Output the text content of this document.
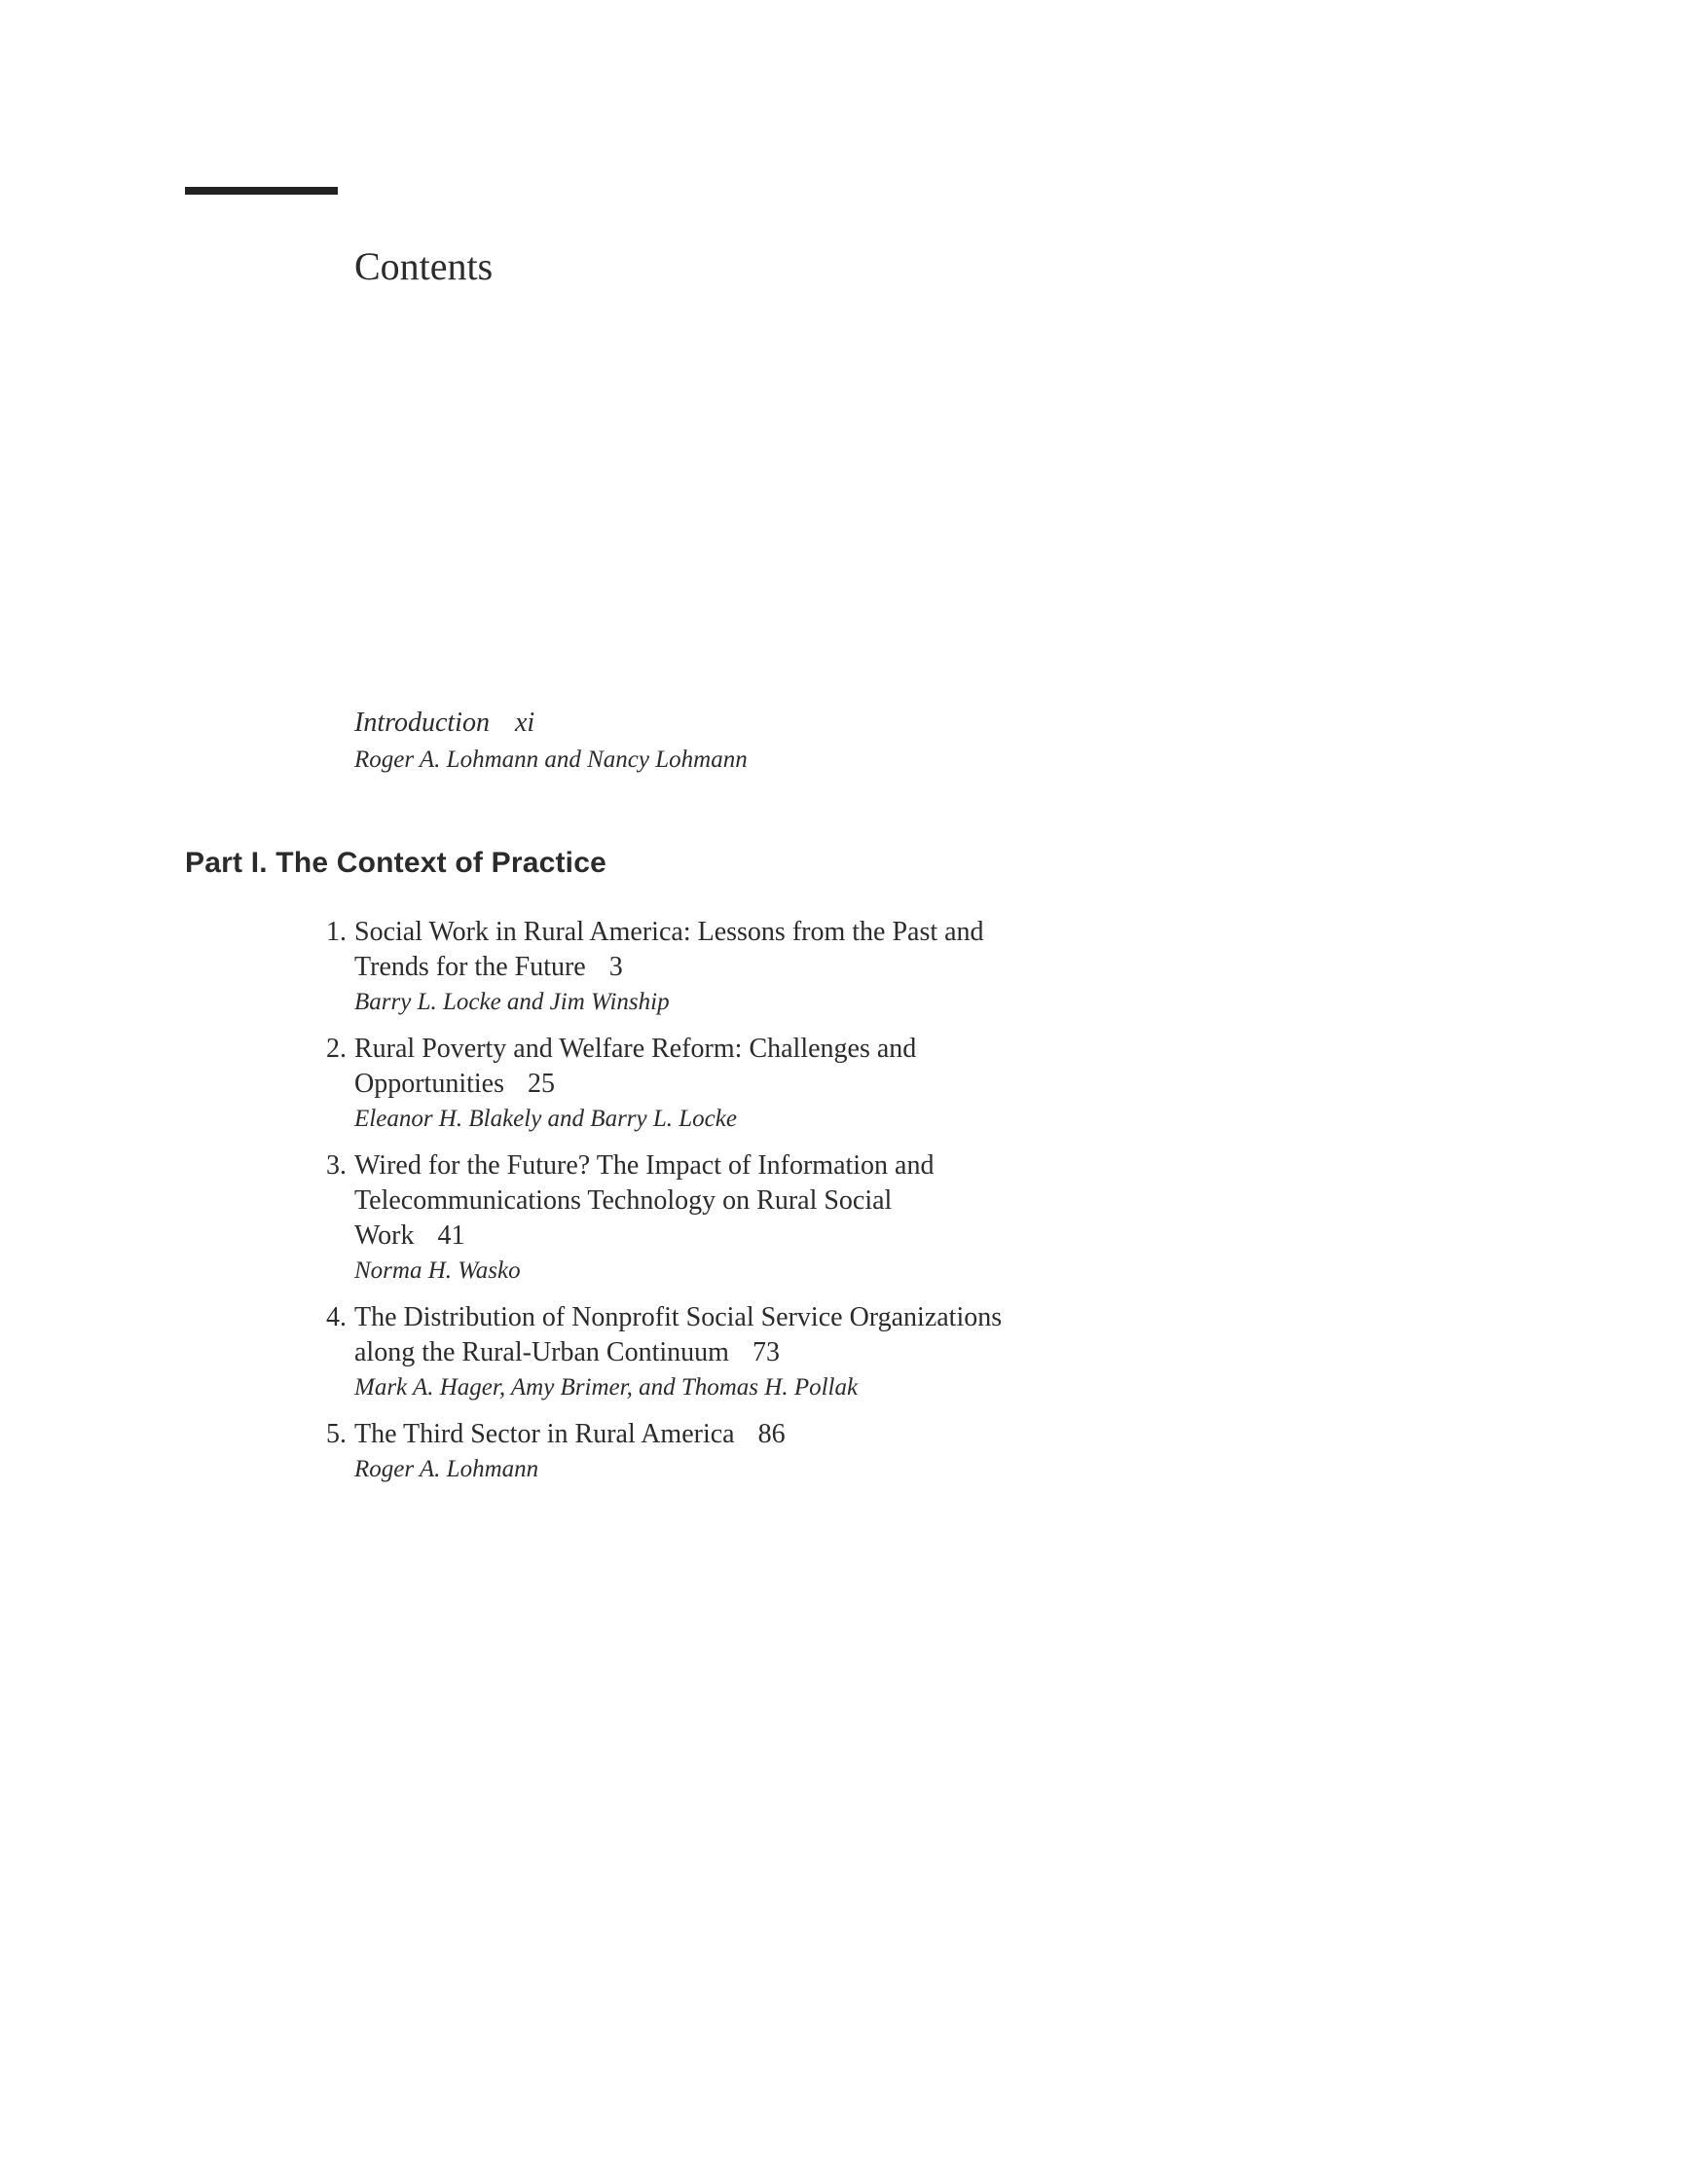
Contents
Introduction xi
Roger A. Lohmann and Nancy Lohmann
Part I. The Context of Practice
1. Social Work in Rural America: Lessons from the Past and Trends for the Future 3
Barry L. Locke and Jim Winship
2. Rural Poverty and Welfare Reform: Challenges and Opportunities 25
Eleanor H. Blakely and Barry L. Locke
3. Wired for the Future? The Impact of Information and Telecommunications Technology on Rural Social Work 41
Norma H. Wasko
4. The Distribution of Nonprofit Social Service Organizations along the Rural-Urban Continuum 73
Mark A. Hager, Amy Brimer, and Thomas H. Pollak
5. The Third Sector in Rural America 86
Roger A. Lohmann
